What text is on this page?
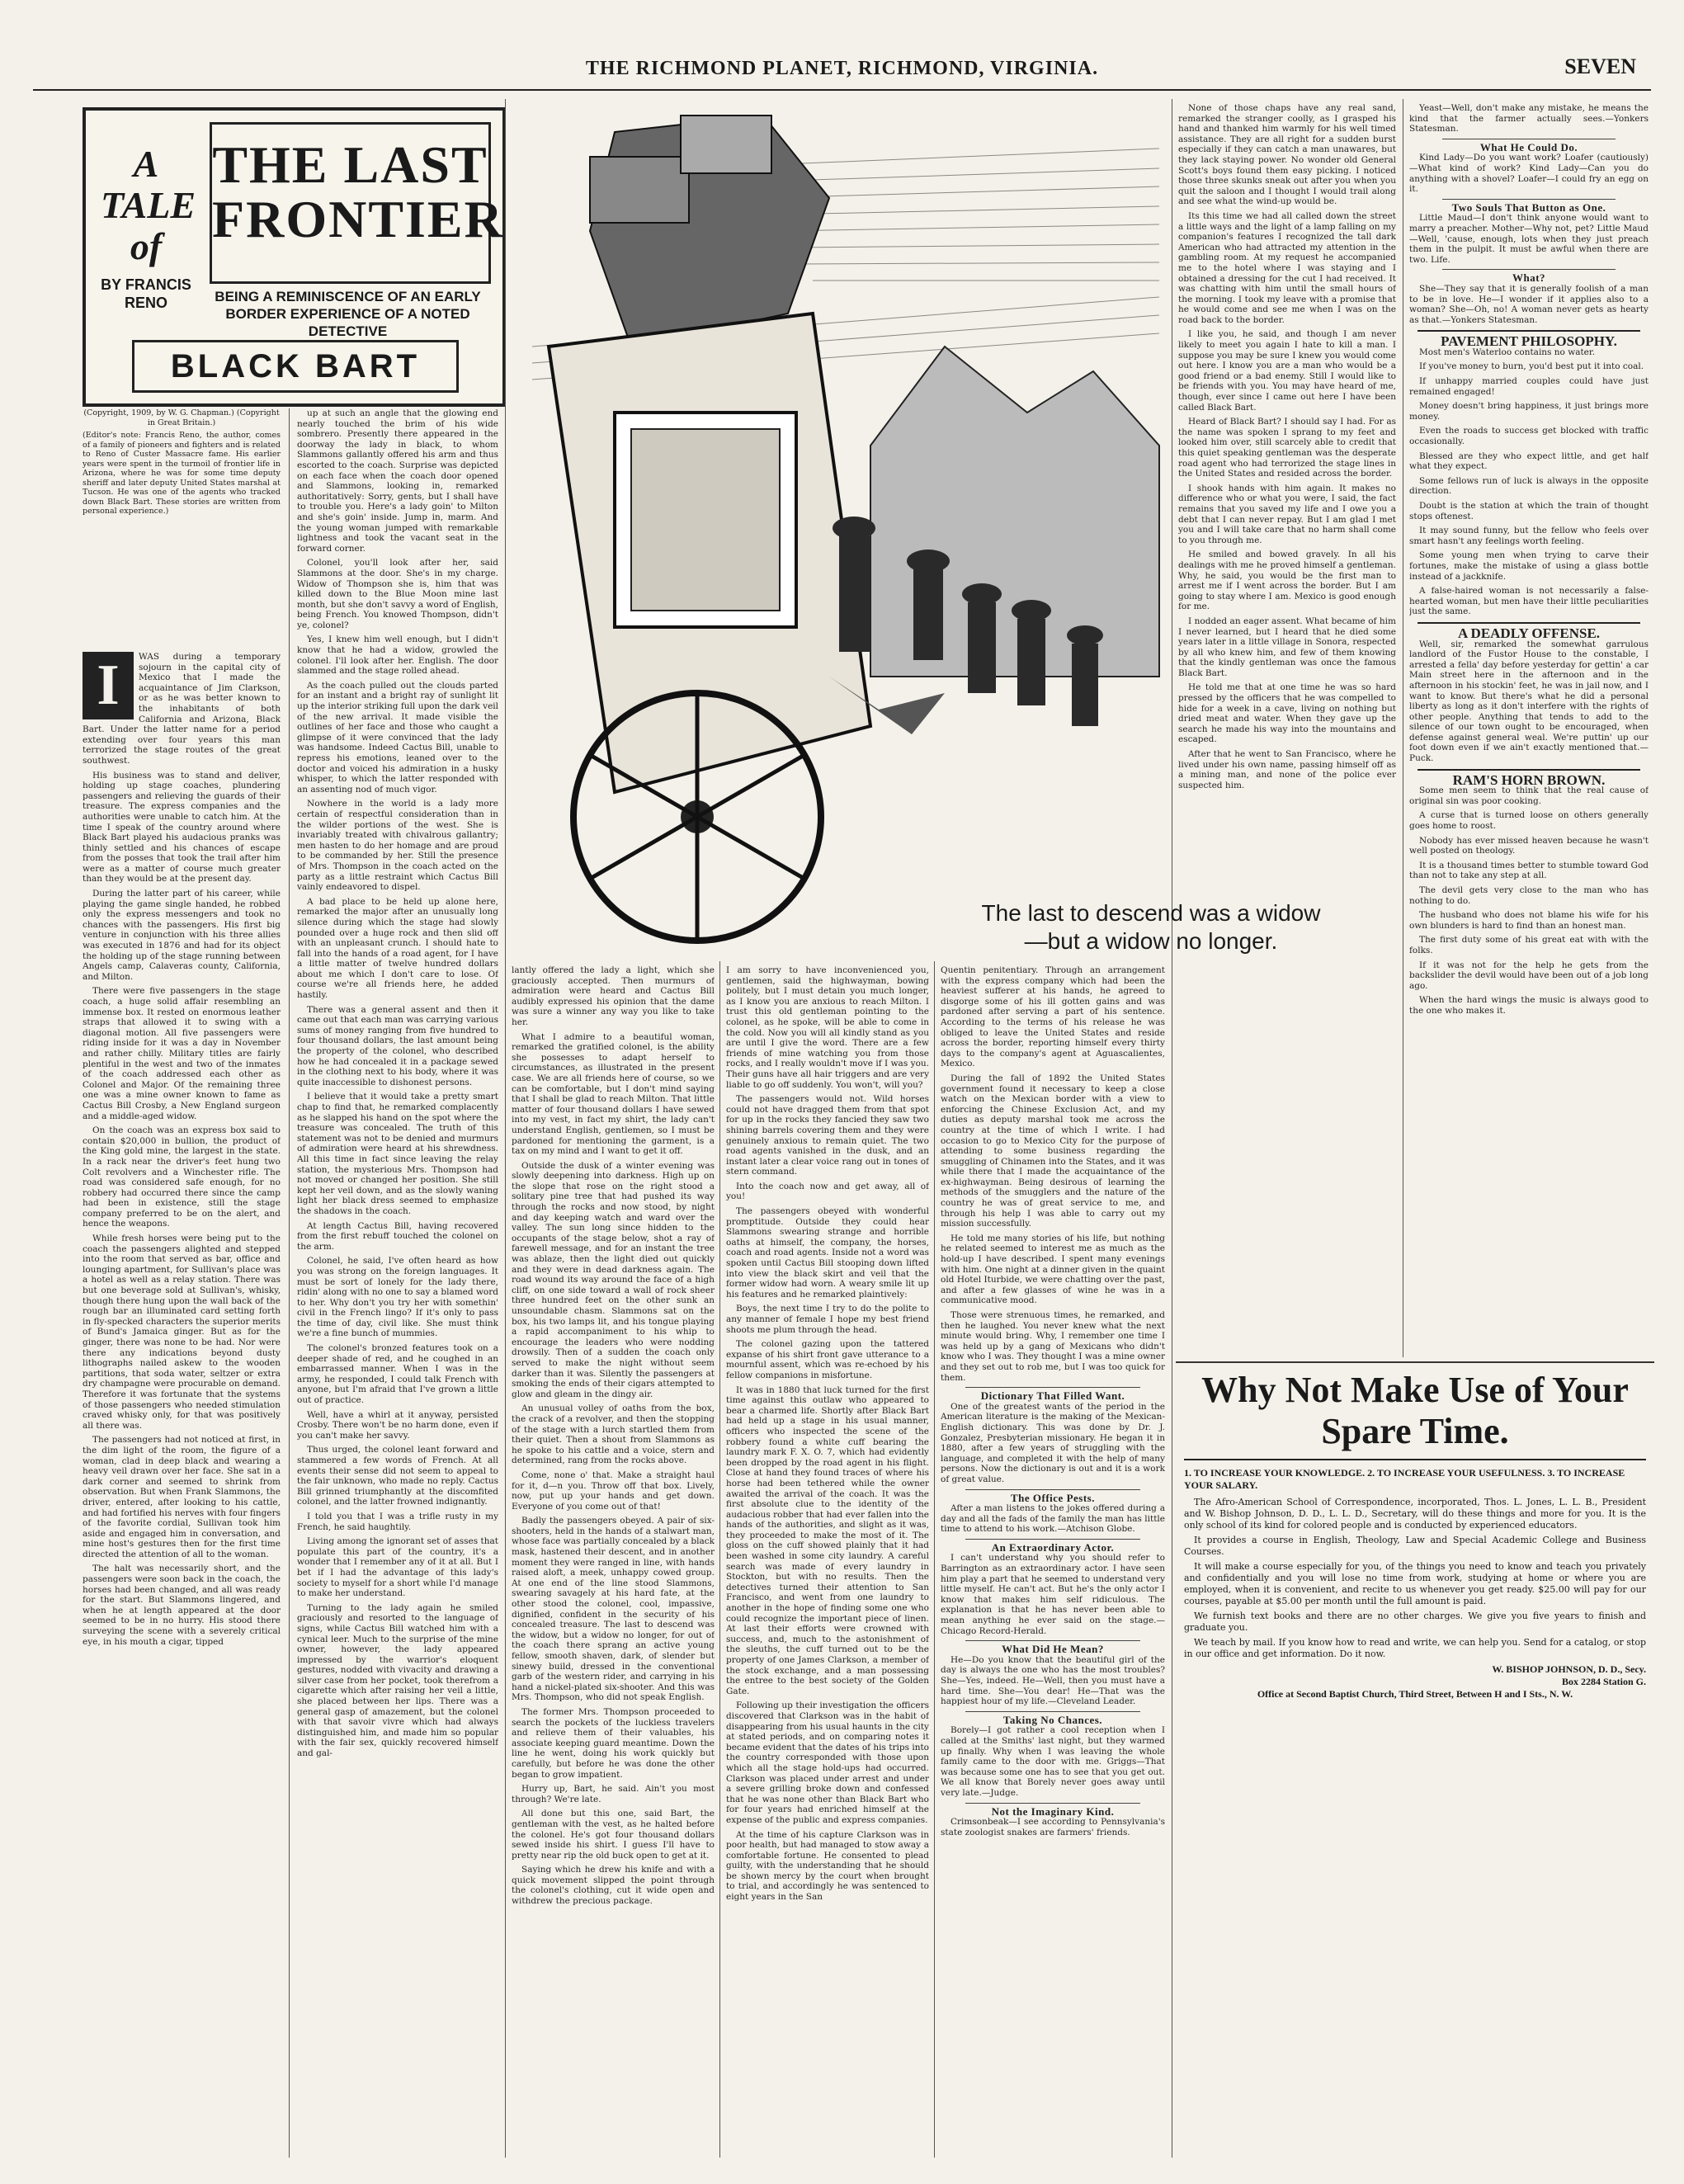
THE RICHMOND PLANET, RICHMOND, VIRGINIA.	SEVEN
A TALE of
THE LAST FRONTIER
BY FRANCIS RENO	BEING A REMINISCENCE OF AN EARLY BORDER EXPERIENCE OF A NOTED DETECTIVE
BLACK BART
(Copyright, 1909, by W. G. Chapman.) (Copyright in Great Britain.)
(Editor's note: Francis Reno, the author, comes of a family of pioneers and fighters and is related to Reno of Custer Massacre fame. His earlier years were spent in the turmoil of frontier life in Arizona, where he was for some time deputy sheriff and later deputy United States marshal at Tucson. He was one of the agents who tracked down Black Bart. These stories are written from personal experience.)
I	WAS during a temporary sojourn in the capital city of Mexico that I made the acquaintance of Jim Clarkson, or as he was better known to the inhabitants of both California and Arizona, Black Bart. Under the latter name for a period extending over four years this man terrorized the stage routes of the great southwest.

His business was to stand and deliver, holding up stage coaches, plundering passengers and relieving the guards of their treasure. The express companies and the authorities were unable to catch him. At the time I speak of the country around where Black Bart played his audacious pranks was thinly settled and his chances of escape from the posses that took the trail after him were as a matter of course much greater than they would be at the present day.

During the latter part of his career, while playing the game single handed, he robbed only the express messengers and took no chances with the passengers. His first big venture in conjunction with his three allies was executed in 1876 and had for its object the holding up of the stage running between Angels camp, Calaveras county, California, and Milton.

There were five passengers in the stage coach, a huge solid affair resembling an immense box. It rested on enormous leather straps that allowed it to swing with a diagonal motion. All five passengers were riding inside for it was a day in November and rather chilly. Military titles are fairly plentiful in the west and two of the inmates of the coach addressed each other as Colonel and Major. Of the remaining three one was a mine owner known to fame as Cactus Bill Crosby, a New England surgeon and a middle-aged widow.

On the coach was an express box said to contain $20,000 in bullion, the product of the King gold mine, the largest in the state. In a rack near the driver's feet hung two Colt revolvers and a Winchester rifle. The road was considered safe enough, for no robbery had occurred there since the camp had been in existence, still the stage company preferred to be on the alert, and hence the weapons.

While fresh horses were being put to the coach the passengers alighted and stepped into the room that served as bar, office and lounging apartment, for Sullivan's place was a hotel as well as a relay station. There was but one beverage sold at Sullivan's, whisky, though there hung upon the wall back of the rough bar an illuminated card setting forth in fly-specked characters the superior merits of Bund's Jamaica ginger. But as for the ginger, there was none to be had. Nor were there any indications beyond dusty lithographs nailed askew to the wooden partitions, that soda water, seltzer or extra dry champagne were procurable on demand. Therefore it was fortunate that the systems of those passengers who needed stimulation craved whisky only, for that was positively all there was.

The passengers had not noticed at first, in the dim light of the room, the figure of a woman, clad in deep black and wearing a heavy veil drawn over her face. She sat in a dark corner and seemed to shrink from observation. But when Frank Slammons, the driver, entered, after looking to his cattle, and had fortified his nerves with four fingers of the favorite cordial, Sullivan took him aside and engaged him in conversation, and mine host's gestures then for the first time directed the attention of all to the woman.

The halt was necessarily short, and the passengers were soon back in the coach, the horses had been changed, and all was ready for the start. But Slammons lingered, and when he at length appeared at the door seemed to be in no hurry. His stood there surveying the scene with a severely critical eye, in his mouth a cigar, tipped

up at such an angle that the glowing end nearly touched the brim of his wide sombrero. Presently there appeared in the doorway the lady in black, to whom Slammons gallantly offered his arm and thus escorted to the coach. Surprise was depicted on each face when the coach door opened and Slammons, looking in, remarked authoritatively: Sorry, gents, but I shall have to trouble you. Here's a lady goin' to Milton and she's goin' inside. Jump in, marm. And the young woman jumped with remarkable lightness and took the vacant seat in the forward corner.

Colonel, you'll look after her, said Slammons at the door. She's in my charge. Widow of Thompson she is, him that was killed down to the Blue Moon mine last month, but she don't savvy a word of English, being French. You knowed Thompson, didn't ye, colonel?

Yes, I knew him well enough, but I didn't know that he had a widow, growled the colonel. I'll look after her. English. The door slammed and the stage rolled ahead.

As the coach pulled out the clouds parted for an instant and a bright ray of sunlight lit up the interior striking full upon the dark veil of the new arrival. It made visible the outlines of her face and those who caught a glimpse of it were convinced that the lady was handsome. Indeed Cactus Bill, unable to repress his emotions, leaned over to the doctor and voiced his admiration in a husky whisper, to which the latter responded with an assenting nod of much vigor.

Nowhere in the world is a lady more certain of respectful consideration than in the wilder portions of the west. She is invariably treated with chivalrous gallantry; men hasten to do her homage and are proud to be commanded by her. Still the presence of Mrs. Thompson in the coach acted on the party as a little restraint which Cactus Bill vainly endeavored to dispel.

A bad place to be held up alone here, remarked the major after an unusually long silence during which the stage had slowly pounded over a huge rock and then slid off with an unpleasant crunch. I should hate to fall into the hands of a road agent, for I have a little matter of twelve hundred dollars about me which I don't care to lose. Of course we're all friends here, he added hastily.

There was a general assent and then it came out that each man was carrying various sums of money ranging from five hundred to four thousand dollars, the last amount being the property of the colonel, who described how he had concealed it in a package sewed in the clothing next to his body, where it was quite inaccessible to dishonest persons.

I believe that it would take a pretty smart chap to find that, he remarked complacently as he slapped his hand on the spot where the treasure was concealed. The truth of this statement was not to be denied and murmurs of admiration were heard at his shrewdness. All this time in fact since leaving the relay station, the mysterious Mrs. Thompson had not moved or changed her position. She still kept her veil down, and as the slowly waning light her black dress seemed to emphasize the shadows in the coach.

At length Cactus Bill, having recovered from the first rebuff touched the colonel on the arm.

Colonel, he said, I've often heard as how you was strong on the foreign languages. It must be sort of lonely for the lady there, ridin' along with no one to say a blamed word to her. Why don't you try her with somethin' civil in the French lingo? If it's only to pass the time of day, civil like. She must think we're a fine bunch of mummies.

The colonel's bronzed features took on a deeper shade of red, and he coughed in an embarrassed manner. When I was in the army, he responded, I could talk French with anyone, but I'm afraid that I've grown a little out of practice.

Well, have a whirl at it anyway, persisted Crosby. There won't be no harm done, even if you can't make her savvy.

Thus urged, the colonel leant forward and stammered a few words of French. At all events their sense did not seem to appeal to the fair unknown, who made no reply. Cactus Bill grinned triumphantly at the discomfited colonel, and the latter frowned indignantly.

I told you that I was a trifle rusty in my French, he said haughtily.

Living among the ignorant set of asses that populate this part of the country, it's a wonder that I remember any of it at all. But I bet if I had the advantage of this lady's society to myself for a short while I'd manage to make her understand.

Turning to the lady again he smiled graciously and resorted to the language of signs, while Cactus Bill watched him with a cynical leer. Much to the surprise of the mine owner, however, the lady appeared impressed by the warrior's eloquent gestures, nodded with vivacity and drawing a silver case from her pocket, took therefrom a cigarette which after raising her veil a little, she placed between her lips. There was a general gasp of amazement, but the colonel with that savoir vivre which had always distinguished him, and made him so popular with the fair sex, quickly recovered himself and gal-

The last to descend was a widow—but a widow no longer.

lantly offered the lady a light, which she graciously accepted. Then murmurs of admiration were heard and Cactus Bill audibly expressed his opinion that the dame was sure a winner any way you like to take her.

What I admire to a beautiful woman, remarked the gratified colonel, is the ability she possesses to adapt herself to circumstances, as illustrated in the present case. We are all friends here of course, so we can be comfortable, but I don't mind saying that I shall be glad to reach Milton. That little matter of four thousand dollars I have sewed into my vest, in fact my shirt, the lady can't understand English, gentlemen, so I must be pardoned for mentioning the garment, is a tax on my mind and I want to get it off.

Outside the dusk of a winter evening was slowly deepening into darkness. High up on the slope that rose on the right stood a solitary pine tree that had pushed its way through the rocks and now stood, by night and day keeping watch and ward over the valley. The sun long since hidden to the occupants of the stage below, shot a ray of farewell message, and for an instant the tree was ablaze, then the light died out quickly and they were in dead darkness again. The road wound its way around the face of a high cliff, on one side toward a wall of rock sheer three hundred feet on the other sunk an unsoundable chasm. Slammons sat on the box, his two lamps lit, and his tongue playing a rapid accompaniment to his whip to encourage the leaders who were nodding drowsily. Then of a sudden the coach only served to make the night without seem darker than it was. Silently the passengers at smoking the ends of their cigars attempted to glow and gleam in the dingy air.

An unusual volley of oaths from the box, the crack of a revolver, and then the stopping of the stage with a lurch startled them from their quiet. Then a shout from Slammons as he spoke to his cattle and a voice, stern and determined, rang from the rocks above.

Come, none o' that. Make a straight haul for it, d—n you. Throw off that box. Lively, now, put up your hands and get down. Everyone of you come out of that!

Badly the passengers obeyed. A pair of six-shooters, held in the hands of a stalwart man, whose face was partially concealed by a black mask, hastened their descent, and in another moment they were ranged in line, with hands raised aloft, a meek, unhappy cowed group. At one end of the line stood Slammons, swearing savagely at his hard fate, at the other stood the colonel, cool, impassive, dignified, confident in the security of his concealed treasure. The last to descend was the widow, but a widow no longer, for out of the coach there sprang an active young fellow, smooth shaven, dark, of slender but sinewy build, dressed in the conventional garb of the western rider, and carrying in his hand a nickel-plated six-shooter. And this was Mrs. Thompson, who did not speak English.

The former Mrs. Thompson proceeded to search the pockets of the luckless travelers and relieve them of their valuables, his associate keeping guard meantime. Down the line he went, doing his work quickly but carefully, but before he was done the other began to grow impatient.

Hurry up, Bart, he said. Ain't you most through? We're late.

All done but this one, said Bart, the gentleman with the vest, as he halted before the colonel. He's got four thousand dollars sewed inside his shirt. I guess I'll have to pretty near rip the old buck open to get at it.

Saying which he drew his knife and with a quick movement slipped the point through the colonel's clothing, cut it wide open and withdrew the precious package.

I am sorry to have inconvenienced you, gentlemen, said the highwayman, bowing politely, but I must detain you much longer, as I know you are anxious to reach Milton. I trust this old gentleman pointing to the colonel, as he spoke, will be able to come in the cold. Now you will all kindly stand as you are until I give the word. There are a few friends of mine watching you from those rocks, and I really wouldn't move if I was you. Their guns have all hair triggers and are very liable to go off suddenly. You won't, will you?

The passengers would not. Wild horses could not have dragged them from that spot for up in the rocks they fancied they saw two shining barrels covering them and they were genuinely anxious to remain quiet. The two road agents vanished in the dusk, and an instant later a clear voice rang out in tones of stern command.

Into the coach now and get away, all of you!

The passengers obeyed with wonderful promptitude. Outside they could hear Slammons swearing strange and horrible oaths at himself, the company, the horses, coach and road agents. Inside not a word was spoken until Cactus Bill stooping down lifted into view the black skirt and veil that the former widow had worn. A weary smile lit up his features and he remarked plaintively:

Boys, the next time I try to do the polite to any manner of female I hope my best friend shoots me plum through the head.

The colonel gazing upon the tattered expanse of his shirt front gave utterance to a mournful assent, which was re-echoed by his fellow companions in misfortune.

It was in 1880 that luck turned for the first time against this outlaw who appeared to bear a charmed life. Shortly after Black Bart had held up a stage in his usual manner, officers who inspected the scene of the robbery found a white cuff bearing the laundry mark F. X. O. 7, which had evidently been dropped by the road agent in his flight. Close at hand they found traces of where his horse had been tethered while the owner awaited the arrival of the coach. It was the first absolute clue to the identity of the audacious robber that had ever fallen into the hands of the authorities, and slight as it was, they proceeded to make the most of it. The gloss on the cuff showed plainly that it had been washed in some city laundry. A careful search was made of every laundry in Stockton, but with no results. Then the detectives turned their attention to San Francisco, and went from one laundry to another in the hope of finding some one who could recognize the important piece of linen. At last their efforts were crowned with success, and, much to the astonishment of the sleuths, the cuff turned out to be the property of one James Clarkson, a member of the stock exchange, and a man possessing the entree to the best society of the Golden Gate.

Following up their investigation the officers discovered that Clarkson was in the habit of disappearing from his usual haunts in the city at stated periods, and on comparing notes it became evident that the dates of his trips into the country corresponded with those upon which all the stage hold-ups had occurred. Clarkson was placed under arrest and under a severe grilling broke down and confessed that he was none other than Black Bart who for four years had enriched himself at the expense of the public and express companies.

At the time of his capture Clarkson was in poor health, but had managed to stow away a comfortable fortune. He consented to plead guilty, with the understanding that he should be shown mercy by the court when brought to trial, and accordingly he was sentenced to eight years in the San

Quentin penitentiary. Through an arrangement with the express company which had been the heaviest sufferer at his hands, he agreed to disgorge some of his ill gotten gains and was pardoned after serving a part of his sentence. According to the terms of his release he was obliged to leave the United States and reside across the border, reporting himself every thirty days to the company's agent at Aguascalientes, Mexico.

During the fall of 1892 the United States government found it necessary to keep a close watch on the Mexican border with a view to enforcing the Chinese Exclusion Act, and my duties as deputy marshal took me across the country at the time of which I write. I had occasion to go to Mexico City for the purpose of attending to some business regarding the smuggling of Chinamen into the States, and it was while there that I made the acquaintance of the ex-highwayman. Being desirous of learning the methods of the smugglers and the nature of the country he was of great service to me, and through his help I was able to carry out my mission successfully.

He told me many stories of his life, but nothing he related seemed to interest me as much as the hold-up I have described. I spent many evenings with him. One night at a dinner given in the quaint old Hotel Iturbide, we were chatting over the past, and after a few glasses of wine he was in a communicative mood.

Those were strenuous times, he remarked, and then he laughed. You never knew what the next minute would bring. Why, I remember one time I was held up by a gang of Mexicans who didn't know who I was. They thought I was a mine owner and they set out to rob me, but I was too quick for them.

Dictionary That Filled Want.

One of the greatest wants of the period in the American literature is the making of the Mexican-English dictionary. This was done by Dr. J. Gonzalez, Presbyterian missionary. He began it in 1880, after a few years of struggling with the language, and completed it with the help of many persons. Now the dictionary is out and it is a work of great value.

The Office Pests.

After a man listens to the jokes offered during a day and all the fads of the family the man has little time to attend to his work.—Atchison Globe.

An Extraordinary Actor.

I can't understand why you should refer to Barrington as an extraordinary actor. I have seen him play a part that he seemed to understand very little myself. He can't act. But he's the only actor I know that makes him self ridiculous. The explanation is that he has never been able to mean anything he ever said on the stage.—Chicago Record-Herald.

What Did He Mean?

He—Do you know that the beautiful girl of the day is always the one who has the most troubles? She—Yes, indeed. He—Well, then you must have a hard time. She—You dear! He—That was the happiest hour of my life.—Cleveland Leader.

Taking No Chances.

Borely—I got rather a cool reception when I called at the Smiths' last night, but they warmed up finally. Why when I was leaving the whole family came to the door with me. Griggs—That was because some one has to see that you get out. We all know that Borely never goes away until very late.—Judge.

Not the Imaginary Kind.

Crimsonbeak—I see according to Pennsylvania's state zoologist snakes are farmers' friends.

None of those chaps have any real sand, remarked the stranger coolly, as I grasped his hand and thanked him warmly for his well timed assistance. They are all right for a sudden burst especially if they can catch a man unawares, but they lack staying power. No wonder old General Scott's boys found them easy picking. I noticed those three skunks sneak out after you when you quit the saloon and I thought I would trail along and see what the wind-up would be.

Its this time we had all called down the street a little ways and the light of a lamp falling on my companion's features I recognized the tall dark American who had attracted my attention in the gambling room. At my request he accompanied me to the hotel where I was staying and I obtained a dressing for the cut I had received. It was chatting with him until the small hours of the morning. I took my leave with a promise that he would come and see me when I was on the road back to the border.

I like you, he said, and though I am never likely to meet you again I hate to kill a man. I suppose you may be sure I knew you would come out here. I know you are a man who would be a good friend or a bad enemy. Still I would like to be friends with you. You may have heard of me, though, ever since I came out here I have been called Black Bart.

Heard of Black Bart? I should say I had. For as the name was spoken I sprang to my feet and looked him over, still scarcely able to credit that this quiet speaking gentleman was the desperate road agent who had terrorized the stage lines in the United States and resided across the border.

I shook hands with him again. It makes no difference who or what you were, I said, the fact remains that you saved my life and I owe you a debt that I can never repay. But I am glad I met you and I will take care that no harm shall come to you through me.

He smiled and bowed gravely. In all his dealings with me he proved himself a gentleman. Why, he said, you would be the first man to arrest me if I went across the border. But I am going to stay where I am. Mexico is good enough for me.

I nodded an eager assent. What became of him I never learned, but I heard that he died some years later in a little village in Sonora, respected by all who knew him, and few of them knowing that the kindly gentleman was once the famous Black Bart.

He told me that at one time he was so hard pressed by the officers that he was compelled to hide for a week in a cave, living on nothing but dried meat and water. When they gave up the search he made his way into the mountains and escaped.

After that he went to San Francisco, where he lived under his own name, passing himself off as a mining man, and none of the police ever suspected him.

Yeast—Well, don't make any mistake, he means the kind that the farmer actually sees.—Yonkers Statesman.

What He Could Do.

Kind Lady—Do you want work? Loafer (cautiously)—What kind of work? Kind Lady—Can you do anything with a shovel? Loafer—I could fry an egg on it.

Two Souls That Button as One.

Little Maud—I don't think anyone would want to marry a preacher. Mother—Why not, pet? Little Maud—Well, 'cause, enough, lots when they just preach them in the pulpit. It must be awful when there are two. Life.

What?

She—They say that it is generally foolish of a man to be in love. He—I wonder if it applies also to a woman? She—Oh, no! A woman never gets as hearty as that.—Yonkers Statesman.

PAVEMENT PHILOSOPHY.

Most men's Waterloo contains no water.

If you've money to burn, you'd best put it into coal.

If unhappy married couples could have just remained engaged!

Money doesn't bring happiness, it just brings more money.

Even the roads to success get blocked with traffic occasionally.

Blessed are they who expect little, and get half what they expect.

Some fellows run of luck is always in the opposite direction.

Doubt is the station at which the train of thought stops oftenest.

It may sound funny, but the fellow who feels over smart hasn't any feelings worth feeling.

Some young men when trying to carve their fortunes, make the mistake of using a glass bottle instead of a jackknife.

A false-haired woman is not necessarily a false-hearted woman, but men have their little peculiarities just the same.

A DEADLY OFFENSE.

Well, sir, remarked the somewhat garrulous landlord of the Fustor House to the constable, I arrested a fella' day before yesterday for gettin' a car Main street here in the afternoon and in the afternoon in his stockin' feet, he was in jail now, and I want to know. But there's what he did a personal liberty as long as it don't interfere with the rights of other people. Anything that tends to add to the silence of our town ought to be encouraged, when defense against general weal. We're puttin' up our foot down even if we ain't exactly mentioned that.—Puck.

RAM'S HORN BROWN.

Some men seem to think that the real cause of original sin was poor cooking.

A curse that is turned loose on others generally goes home to roost.

Nobody has ever missed heaven because he wasn't well posted on theology.

It is a thousand times better to stumble toward God than not to take any step at all.

The devil gets very close to the man who has nothing to do.

The husband who does not blame his wife for his own blunders is hard to find than an honest man.

The first duty some of his great eat with with the folks.

If it was not for the help he gets from the backslider the devil would have been out of a job long ago.

When the hard wings the music is always good to the one who makes it.

Why Not Make Use of Your Spare Time.
1. TO INCREASE YOUR KNOWLEDGE. 2. TO INCREASE YOUR USEFULNESS. 3. TO INCREASE YOUR SALARY.

The Afro-American School of Correspondence, incorporated, Thos. L. Jones, L. L. B., President and W. Bishop Johnson, D. D., L. L. D., Secretary, will do these things and more for you. It is the only school of its kind for colored people and is conducted by experienced educators.

It provides a course in English, Theology, Law and Special Academic College and Business Courses.

It will make a course especially for you, of the things you need to know and teach you privately and confidentially and you will lose no time from work, studying at home or where you are employed, when it is convenient, and recite to us whenever you get ready. $25.00 will pay for our courses, payable at $5.00 per month until the full amount is paid.

We furnish text books and there are no other charges. We give you five years to finish and graduate you.

We teach by mail. If you know how to read and write, we can help you. Send for a catalog, or stop in our office and get information. Do it now.

W. BISHOP JOHNSON, D. D., Secy.
Box 2284 Station G.
Office at Second Baptist Church, Third Street, Between H and I Sts., N. W.
